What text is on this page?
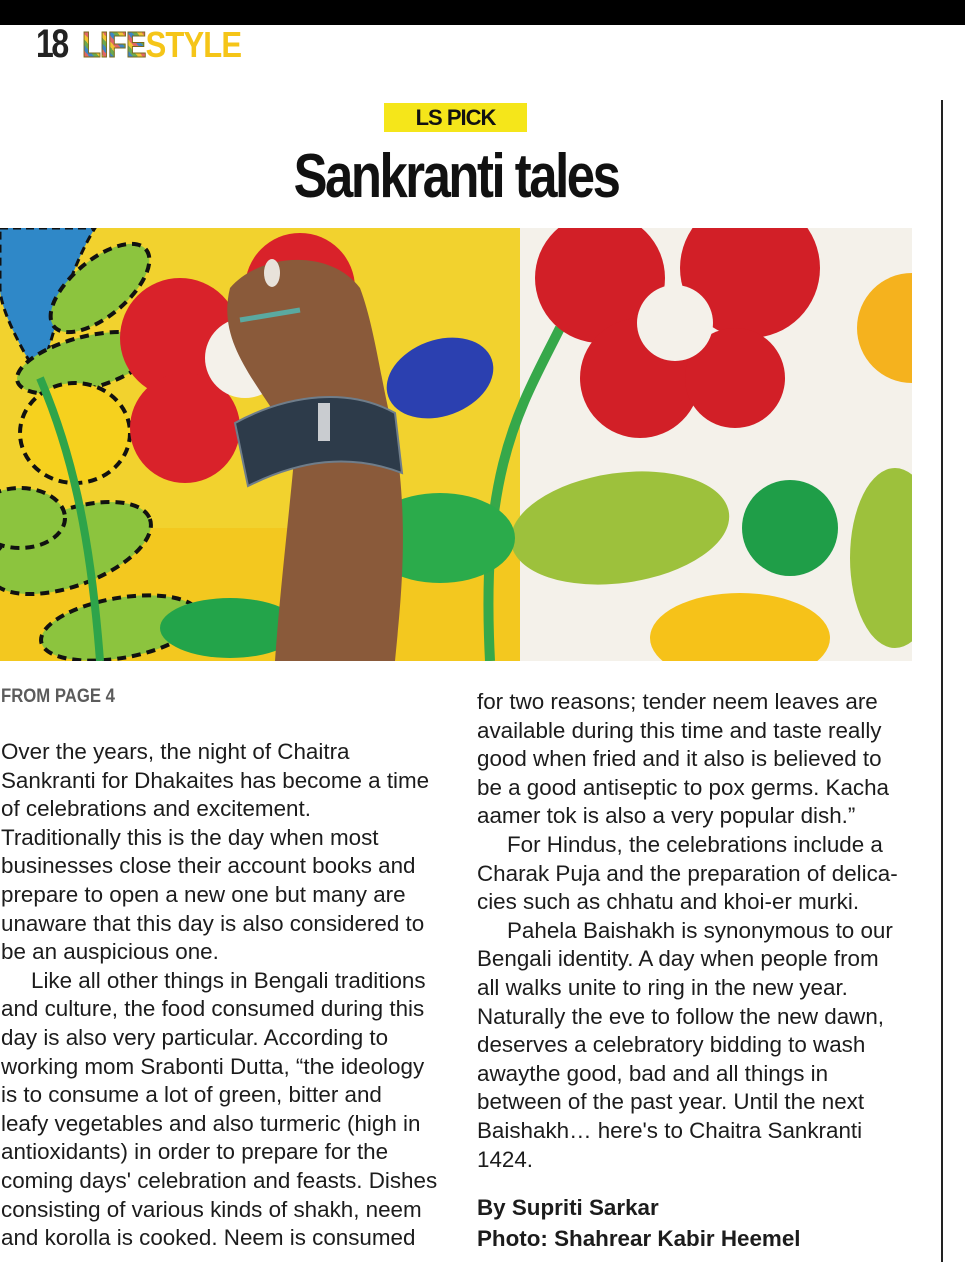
18 LIFESTYLE
LS PICK
Sankranti tales
FROM PAGE 4

Over the years, the night of Chaitra
Sankranti for Dhakaites has become a time
of celebrations and excitement.
Traditionally this is the day when most
businesses close their account books and
prepare to open a new one but many are
unaware that this day is also considered to
be an auspicious one.

Like all other things in Bengali traditions
and culture, the food consumed during this
day is also very particular. According to
working mom Srabonti Dutta, “the ideology
is to consume a lot of green, bitter and
leafy vegetables and also turmeric (high in
antioxidants) in order to prepare for the
coming days' celebration and feasts. Dishes
consisting of various kinds of shakh, neem
and korolla is cooked. Neem is consumed

for two reasons; tender neem leaves are
available during this time and taste really
good when fried and it also is believed to
be a good antiseptic to pox germs. Kacha
aamer tok is also a very popular dish.”

For Hindus, the celebrations include a
Charak Puja and the preparation of delica-
cies such as chhatu and khoi-er murki.

Pahela Baishakh is synonymous to our
Bengali identity. A day when people from
all walks unite to ring in the new year.
Naturally the eve to follow the new dawn,
deserves a celebratory bidding to wash
awaythe good, bad and all things in
between of the past year. Until the next
Baishakh… here's to Chaitra Sankranti
1424.

By Supriti Sarkar
Photo: Shahrear Kabir Heemel
